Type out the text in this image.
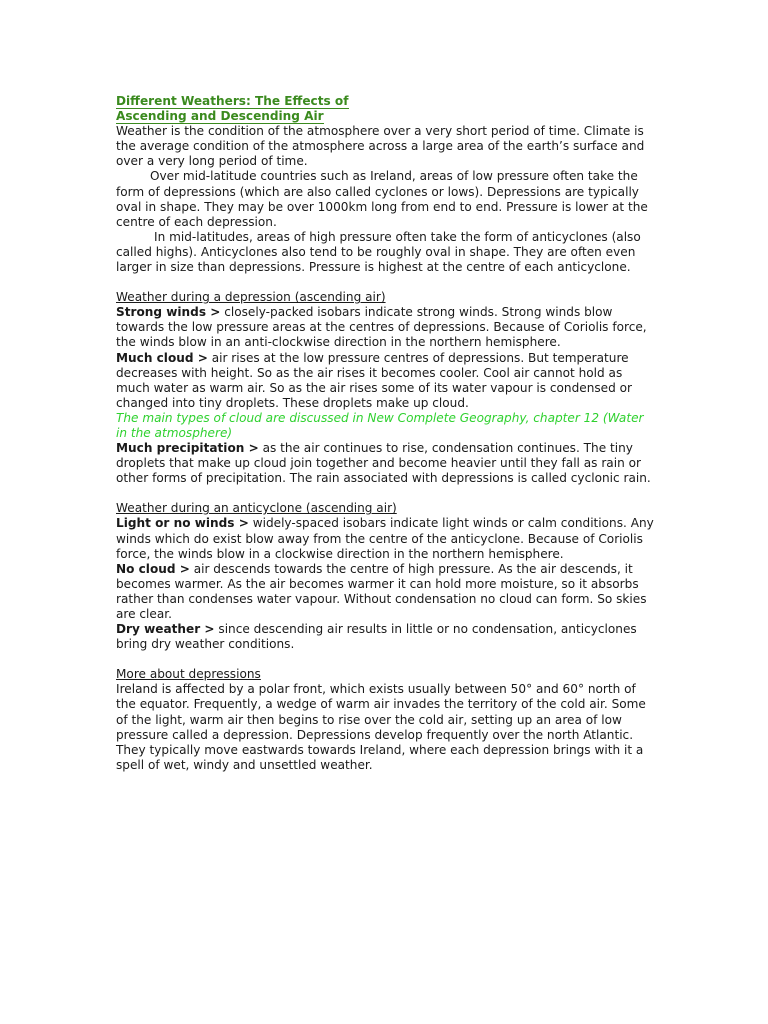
Different Weathers: The Effects of
Ascending and Descending Air

Weather is the condition of the atmosphere over a very short period of time. Climate is the average condition of the atmosphere across a large area of the earth’s surface and over a very long period of time.

Over mid-latitude countries such as Ireland, areas of low pressure often take the form of depressions (which are also called cyclones or lows). Depressions are typically oval in shape. They may be over 1000km long from end to end. Pressure is lower at the centre of each depression.

In mid-latitudes, areas of high pressure often take the form of anticyclones (also called highs). Anticyclones also tend to be roughly oval in shape. They are often even larger in size than depressions. Pressure is highest at the centre of each anticyclone.

Weather during a depression (ascending air)

Strong winds > closely-packed isobars indicate strong winds. Strong winds blow towards the low pressure areas at the centres of depressions. Because of Coriolis force, the winds blow in an anti-clockwise direction in the northern hemisphere.

Much cloud > air rises at the low pressure centres of depressions. But temperature decreases with height. So as the air rises it becomes cooler. Cool air cannot hold as much water as warm air. So as the air rises some of its water vapour is condensed or changed into tiny droplets. These droplets make up cloud.

The main types of cloud are discussed in New Complete Geography, chapter 12 (Water in the atmosphere)

Much precipitation > as the air continues to rise, condensation continues. The tiny droplets that make up cloud join together and become heavier until they fall as rain or other forms of precipitation. The rain associated with depressions is called cyclonic rain.

Weather during an anticyclone (ascending air)

Light or no winds > widely-spaced isobars indicate light winds or calm conditions. Any winds which do exist blow away from the centre of the anticyclone. Because of Coriolis force, the winds blow in a clockwise direction in the northern hemisphere.

No cloud > air descends towards the centre of high pressure. As the air descends, it becomes warmer. As the air becomes warmer it can hold more moisture, so it absorbs rather than condenses water vapour. Without condensation no cloud can form. So skies are clear.

Dry weather > since descending air results in little or no condensation, anticyclones bring dry weather conditions.

More about depressions

Ireland is affected by a polar front, which exists usually between 50° and 60° north of the equator. Frequently, a wedge of warm air invades the territory of the cold air. Some of the light, warm air then begins to rise over the cold air, setting up an area of low pressure called a depression. Depressions develop frequently over the north Atlantic. They typically move eastwards towards Ireland, where each depression brings with it a spell of wet, windy and unsettled weather.
